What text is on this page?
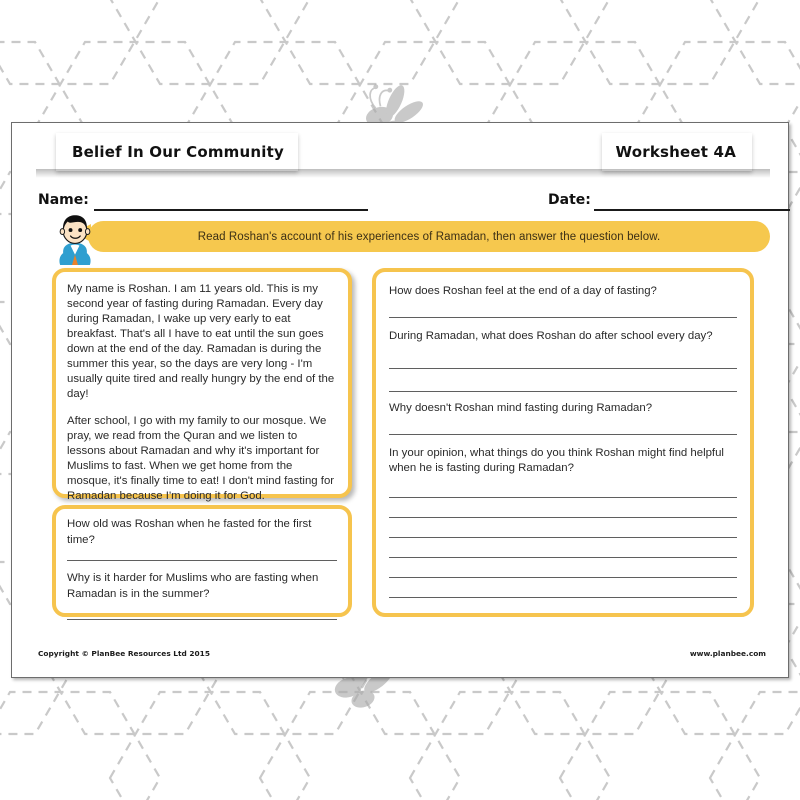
Belief In Our Community	Worksheet 4A
Name:	Date:
Read Roshan's account of his experiences of Ramadan, then answer the question below.

My name is Roshan. I am 11 years old. This is my second year of fasting during Ramadan. Every day during Ramadan, I wake up very early to eat breakfast. That's all I have to eat until the sun goes down at the end of the day. Ramadan is during the summer this year, so the days are very long - I'm usually quite tired and really hungry by the end of the day!

After school, I go with my family to our mosque. We pray, we read from the Quran and we listen to lessons about Ramadan and why it's important for Muslims to fast. When we get home from the mosque, it's finally time to eat! I don't mind fasting for Ramadan because I'm doing it for God.

How old was Roshan when he fasted for the first time?

Why is it harder for Muslims who are fasting when Ramadan is in the summer?

How does Roshan feel at the end of a day of fasting?

During Ramadan, what does Roshan do after school every day?

Why doesn't Roshan mind fasting during Ramadan?

In your opinion, what things do you think Roshan might find helpful when he is fasting during Ramadan?

Copyright © PlanBee Resources Ltd 2015	www.planbee.com
